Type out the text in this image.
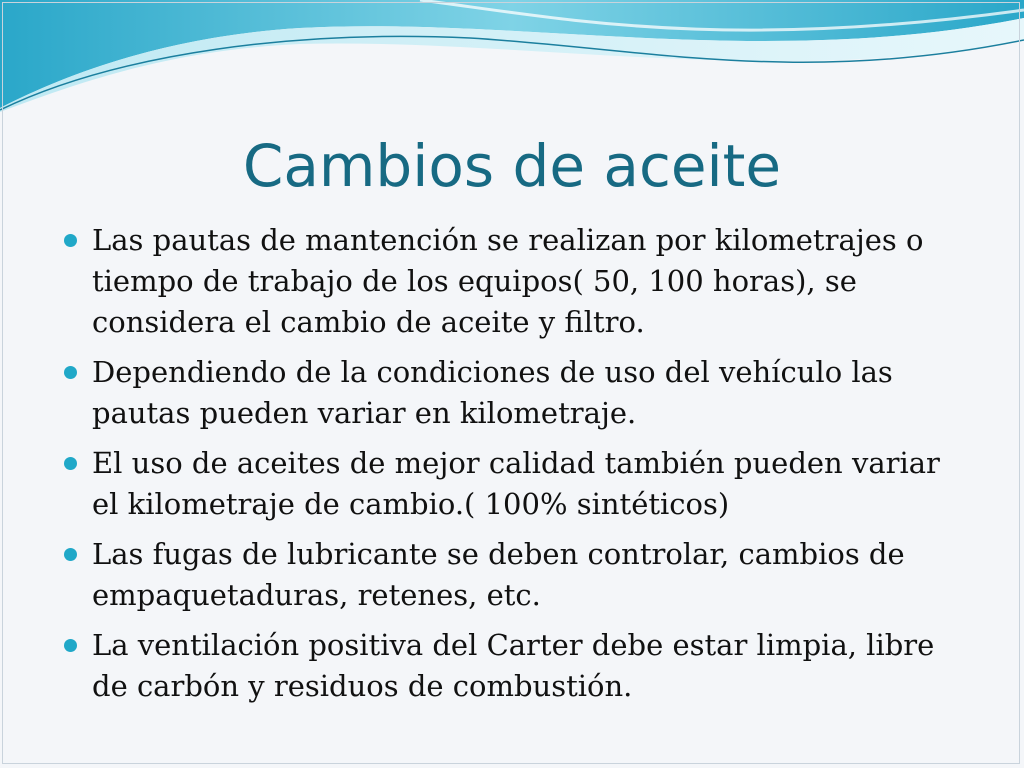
Cambios de aceite
Las pautas de mantención se realizan por kilometrajes o tiempo de trabajo de los equipos( 50, 100 horas), se considera el cambio de aceite y filtro.
Dependiendo de la condiciones de uso del vehículo las pautas pueden variar en kilometraje.
El uso de aceites de mejor calidad también pueden variar el kilometraje de cambio.( 100% sintéticos)
Las fugas de lubricante se deben controlar, cambios de empaquetaduras, retenes, etc.
La ventilación positiva del Carter debe estar limpia, libre de carbón y residuos de combustión.
